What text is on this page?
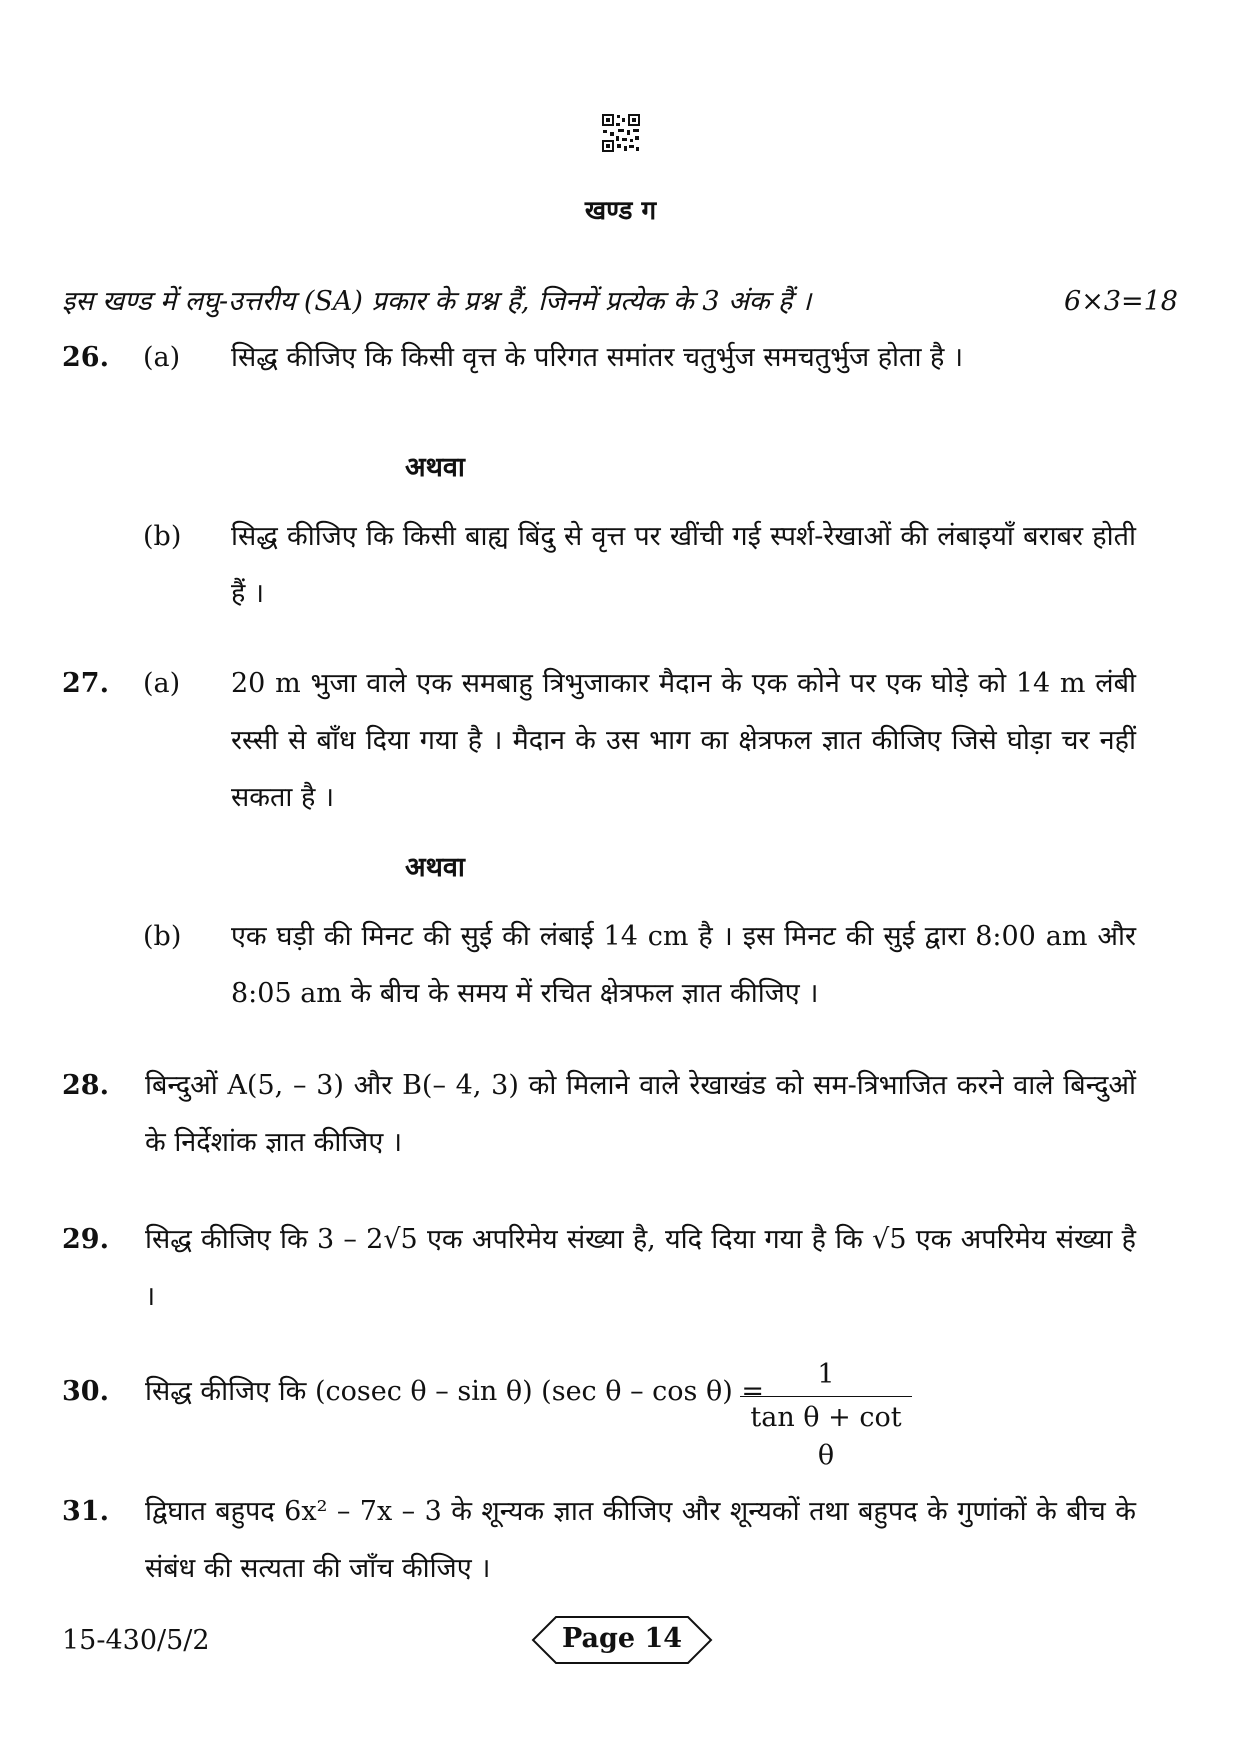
खण्ड ग
इस खण्ड में लघु-उत्तरीय (SA) प्रकार के प्रश्न हैं, जिनमें प्रत्येक के 3 अंक हैं ।	6×3=18
26. (a) सिद्ध कीजिए कि किसी वृत्त के परिगत समांतर चतुर्भुज समचतुर्भुज होता है ।
अथवा
(b) सिद्ध कीजिए कि किसी बाह्य बिंदु से वृत्त पर खींची गई स्पर्श-रेखाओं की लंबाइयाँ बराबर होती हैं ।
27. (a) 20 m भुजा वाले एक समबाहु त्रिभुजाकार मैदान के एक कोने पर एक घोड़े को 14 m लंबी रस्सी से बाँध दिया गया है । मैदान के उस भाग का क्षेत्रफल ज्ञात कीजिए जिसे घोड़ा चर नहीं सकता है ।
अथवा
(b) एक घड़ी की मिनट की सुई की लंबाई 14 cm है । इस मिनट की सुई द्वारा 8:00 am और 8:05 am के बीच के समय में रचित क्षेत्रफल ज्ञात कीजिए ।
28. बिन्दुओं A(5, – 3) और B(– 4, 3) को मिलाने वाले रेखाखंड को सम-त्रिभाजित करने वाले बिन्दुओं के निर्देशांक ज्ञात कीजिए ।
29. सिद्ध कीजिए कि 3 – 2√5 एक अपरिमेय संख्या है, यदि दिया गया है कि √5 एक अपरिमेय संख्या है ।
30. सिद्ध कीजिए कि (cosec θ – sin θ) (sec θ – cos θ) =
$\frac{1}{\text{tan θ + cot θ}}$
31. द्विघात बहुपद 6x² – 7x – 3 के शून्यक ज्ञात कीजिए और शून्यकों तथा बहुपद के गुणांकों के बीच के संबंध की सत्यता की जाँच कीजिए ।
15-430/5/2	Page 14
